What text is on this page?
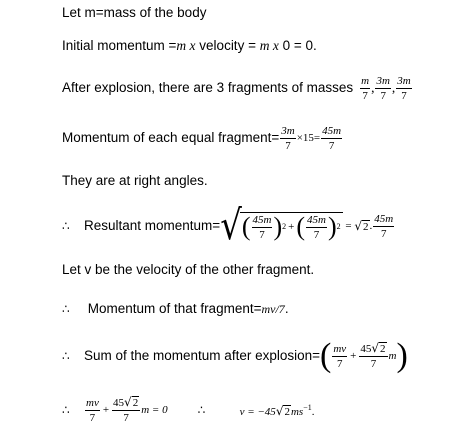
Let m=mass of the body
Initial momentum =m x velocity = m x 0 = 0.
After explosion, there are 3 fragments of masses $\frac{m}{7}$ , $\frac{3m}{7}$ , $\frac{3m}{7}$
Momentum of each equal fragment= $\frac{3m}{7} \times 15= \frac{45m}{7}$
They are at right angles.
∴	Resultant momentum= √ ( $\frac{45m}{7}$ ) 2 + ( $\frac{45m}{7}$ ) 2 = √2 . $\frac{45m}{7}$
Let v be the velocity of the other fragment.
∴ Momentum of that fragment=mv/7.
∴	Sum of the momentum after explosion= ( $\frac{mv}{7} + \frac{45√2}{7}$ m )
∴	$\frac{mv}{7} + \frac{45√2}{7}$ m = 0	∴	$v = -45√2ms^{-1}$.
